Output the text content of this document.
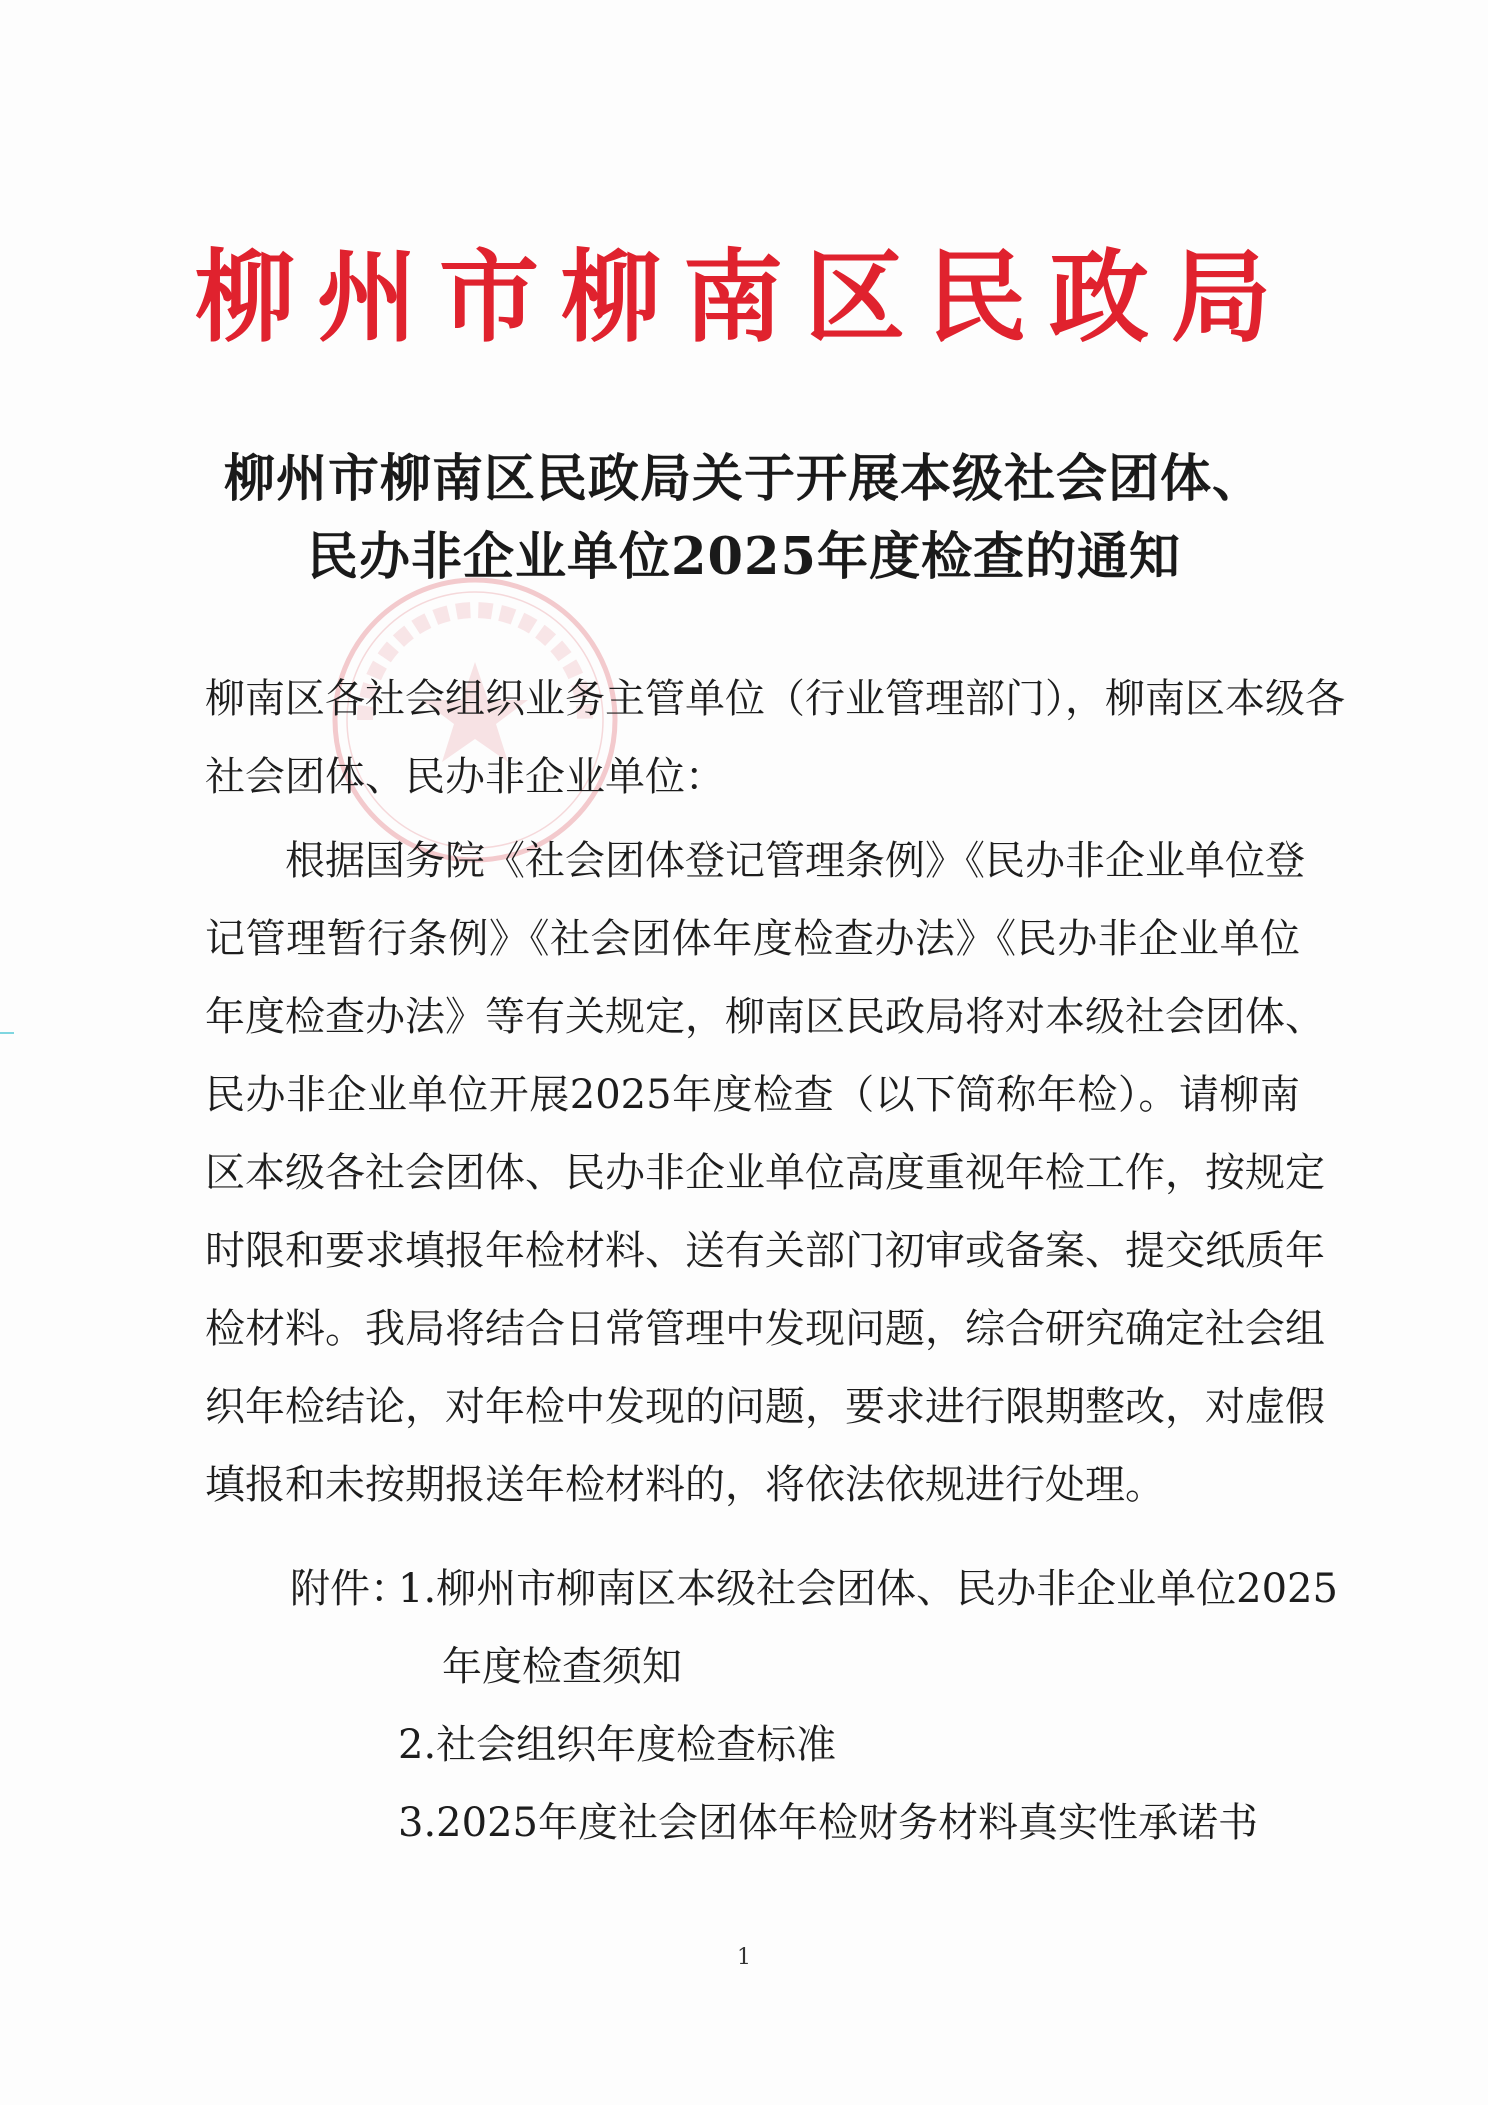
柳州市柳南区民政局
柳州市柳南区民政局关于开展本级社会团体、
民办非企业单位2025年度检查的通知
柳南区各社会组织业务主管单位（行业管理部门），柳南区本级各
社会团体、民办非企业单位：
根据国务院《社会团体登记管理条例》《民办非企业单位登
记管理暂行条例》《社会团体年度检查办法》《民办非企业单位
年度检查办法》等有关规定，柳南区民政局将对本级社会团体、
民办非企业单位开展2025年度检查（以下简称年检）。请柳南
区本级各社会团体、民办非企业单位高度重视年检工作，按规定
时限和要求填报年检材料、送有关部门初审或备案、提交纸质年
检材料。我局将结合日常管理中发现问题，综合研究确定社会组
织年检结论，对年检中发现的问题，要求进行限期整改，对虚假
填报和未按期报送年检材料的，将依法依规进行处理。
附件：
1.柳州市柳南区本级社会团体、民办非企业单位2025
年度检查须知
2.社会组织年度检查标准
3.2025年度社会团体年检财务材料真实性承诺书
1
